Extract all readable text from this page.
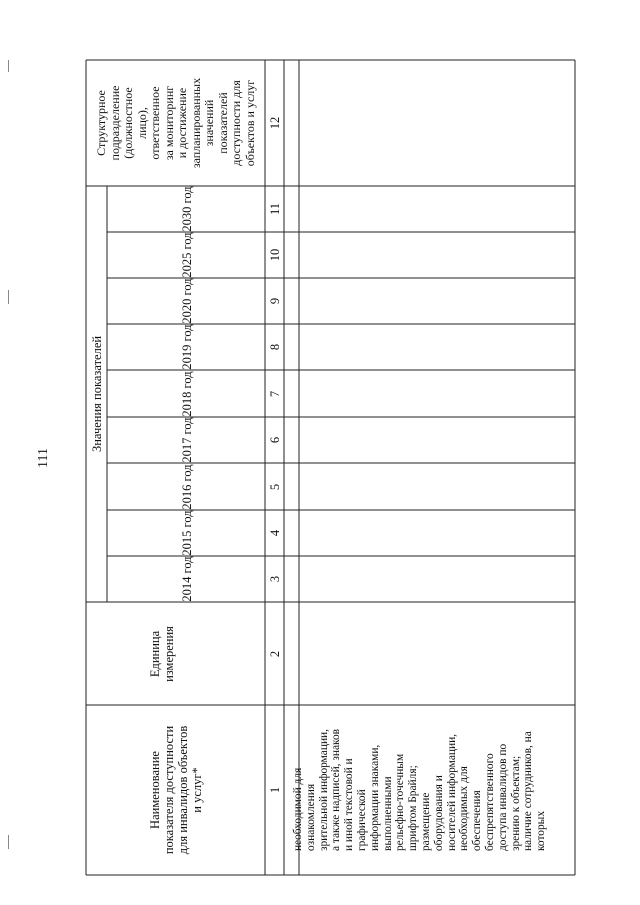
111
Наименование показателя доступности для инвалидов объектов и услуг*
Единица измерения
Значения показателей
2014 год
2015 год
2016 год
2017 год
2018 год
2019 год
2020 год
2025 год
2030 год
Структурное подразделение (должностное лицо), ответственное за мониторинг и достижение запланированных значений показателей доступности для объектов и услуг
1
2
3
4
5
6
7
8
9
10
11
12
необходимой для ознакомления зрительной информации, а также надписей, знаков и иной текстовой и графической информации знаками, выполненными рельефно-точечным шрифтом Брайля; размещение оборудования и носителей информации, необходимых для обеспечения беспрепятственного доступа инвалидов по зрению к объектам; наличие сотрудников, на которых
